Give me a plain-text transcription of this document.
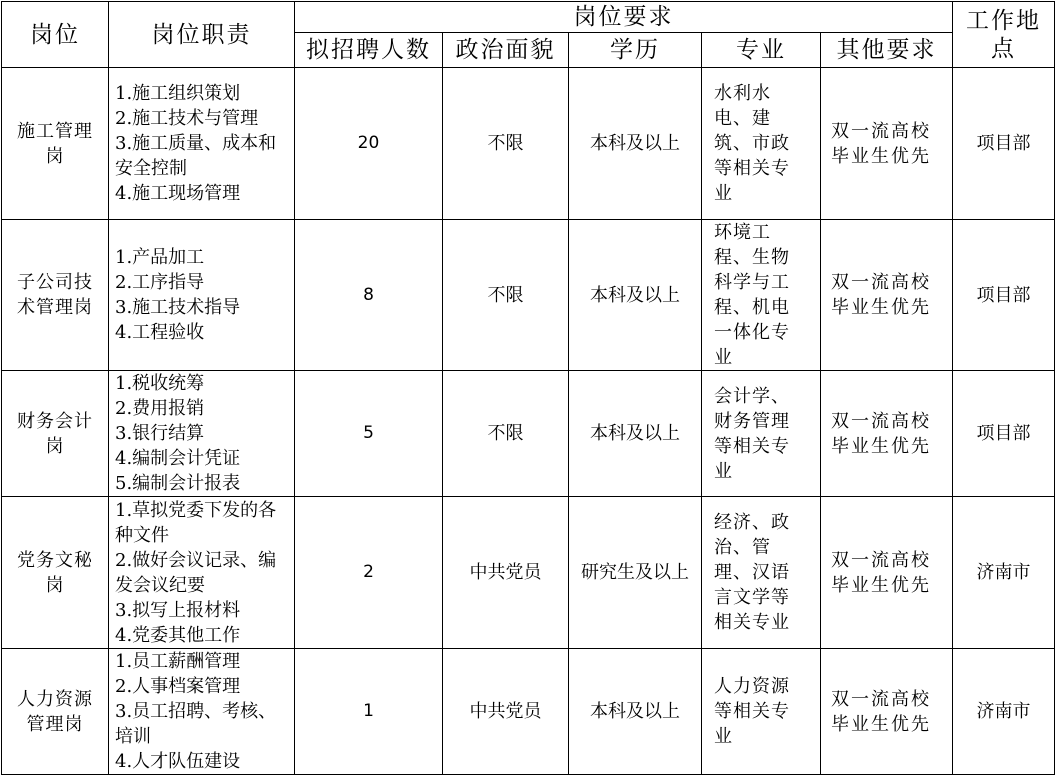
岗位	岗位职责	岗位要求					工作地点
		拟招聘人数	政治面貌	学历	专业	其他要求	
施工管理岗	1.施工组织策划
2.施工技术与管理
3.施工质量、成本和安全控制
4.施工现场管理	20	不限	本科及以上	水利水电、建筑、市政等相关专业	双一流高校毕业生优先	项目部
子公司技术管理岗	1.产品加工
2.工序指导
3.施工技术指导
4.工程验收	8	不限	本科及以上	环境工程、生物科学与工程、机电一体化专业	双一流高校毕业生优先	项目部
财务会计岗	1.税收统筹
2.费用报销
3.银行结算
4.编制会计凭证
5.编制会计报表	5	不限	本科及以上	会计学、财务管理等相关专业	双一流高校毕业生优先	项目部
党务文秘岗	1.草拟党委下发的各种文件
2.做好会议记录、编发会议纪要
3.拟写上报材料
4.党委其他工作	2	中共党员	研究生及以上	经济、政治、管理、汉语言文学等相关专业	双一流高校毕业生优先	济南市
人力资源管理岗	1.员工薪酬管理
2.人事档案管理
3.员工招聘、考核、培训
4.人才队伍建设	1	中共党员	本科及以上	人力资源等相关专业	双一流高校毕业生优先	济南市
